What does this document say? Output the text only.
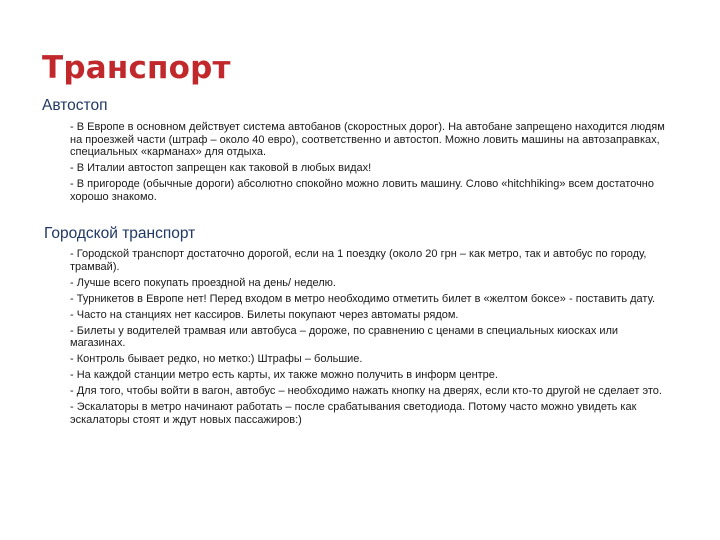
Транспорт
Автостоп
- В Европе в основном действует система автобанов (скоростных дорог). На автобане запрещено находится людям на проезжей части (штраф – около 40 евро), соответственно и автостоп. Можно ловить машины на автозаправках, специальных «карманах» для отдыха.
- В Италии автостоп запрещен как таковой в любых видах!
- В пригороде (обычные дороги) абсолютно спокойно можно ловить машину. Слово «hitchhiking» всем достаточно хорошо знакомо.
Городской транспорт
- Городской транспорт достаточно дорогой, если на 1 поездку (около 20 грн – как метро, так и автобус по городу, трамвай).
- Лучше всего покупать проездной на день/ неделю.
- Турникетов в Европе нет! Перед входом в метро необходимо отметить билет в «желтом боксе» - поставить дату.
- Часто на станциях нет кассиров. Билеты покупают через автоматы рядом.
- Билеты у водителей трамвая или автобуса – дороже, по сравнению с ценами в специальных киосках или магазинах.
- Контроль бывает редко, но метко:) Штрафы – большие.
- На каждой станции метро есть карты, их также можно получить в информ центре.
- Для того, чтобы войти в вагон, автобус – необходимо нажать кнопку на дверях, если кто-то другой не сделает это.
- Эскалаторы в метро начинают работать – после срабатывания светодиода. Потому часто можно увидеть как эскалаторы стоят и ждут новых пассажиров:)
